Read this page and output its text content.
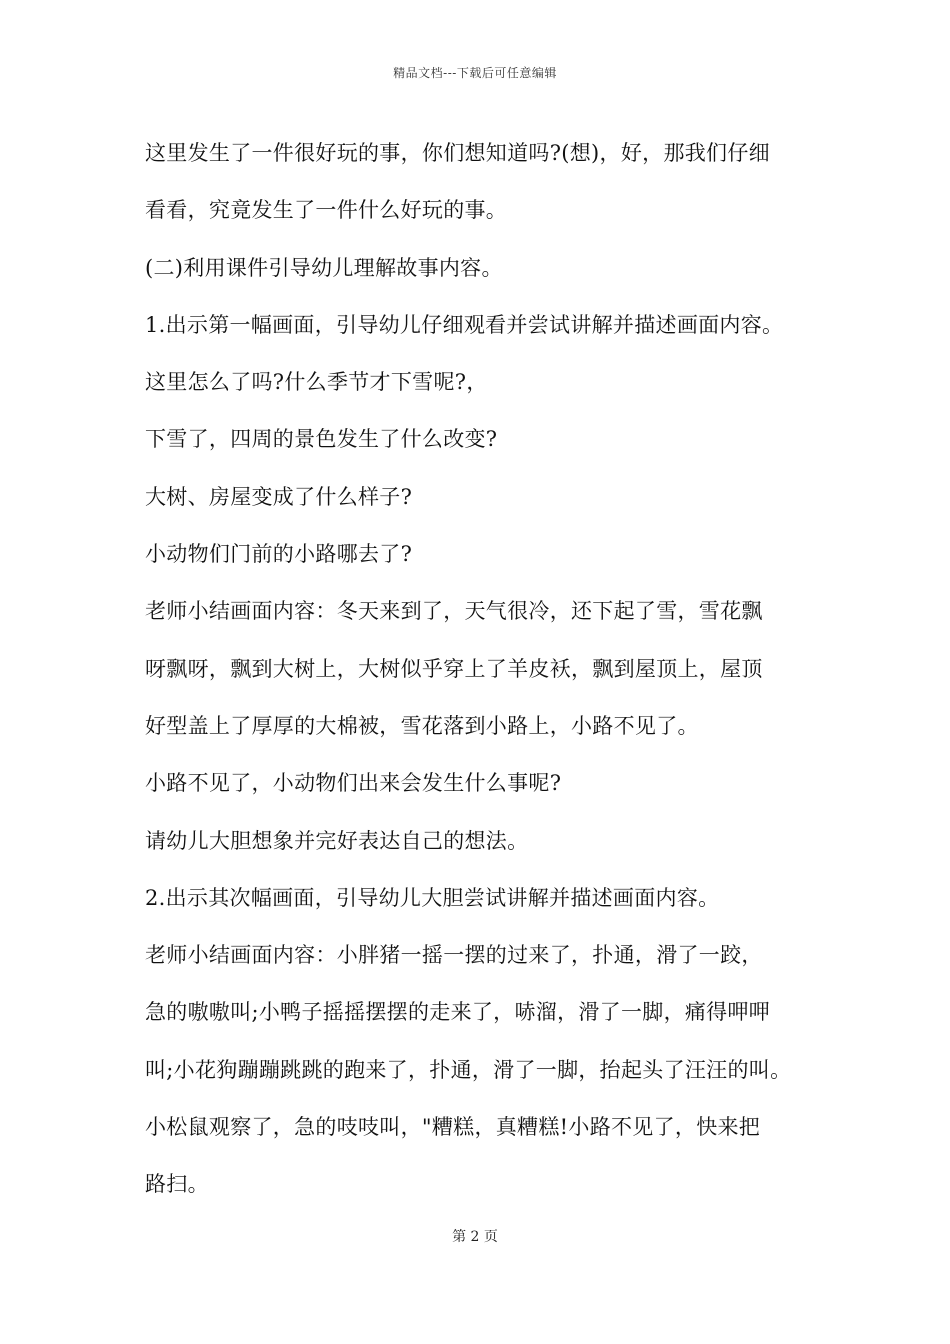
精品文档---下载后可任意编辑
这里发生了一件很好玩的事，你们想知道吗?(想)，好，那我们仔细
看看，究竟发生了一件什么好玩的事。
(二)利用课件引导幼儿理解故事内容。
1.出示第一幅画面，引导幼儿仔细观看并尝试讲解并描述画面内容。
这里怎么了吗?什么季节才下雪呢?，
下雪了，四周的景色发生了什么改变?
大树、房屋变成了什么样子?
小动物们门前的小路哪去了?
老师小结画面内容：冬天来到了，天气很冷，还下起了雪，雪花飘
呀飘呀，飘到大树上，大树似乎穿上了羊皮袄，飘到屋顶上，屋顶
好型盖上了厚厚的大棉被，雪花落到小路上，小路不见了。
小路不见了，小动物们出来会发生什么事呢?
请幼儿大胆想象并完好表达自己的想法。
2.出示其次幅画面，引导幼儿大胆尝试讲解并描述画面内容。
老师小结画面内容：小胖猪一摇一摆的过来了，扑通，滑了一跤，
急的嗷嗷叫;小鸭子摇摇摆摆的走来了，哧溜，滑了一脚，痛得呷呷
叫;小花狗蹦蹦跳跳的跑来了，扑通，滑了一脚，抬起头了汪汪的叫。
小松鼠观察了，急的吱吱叫，"糟糕，真糟糕!小路不见了，快来把
路扫。
第 2 页
